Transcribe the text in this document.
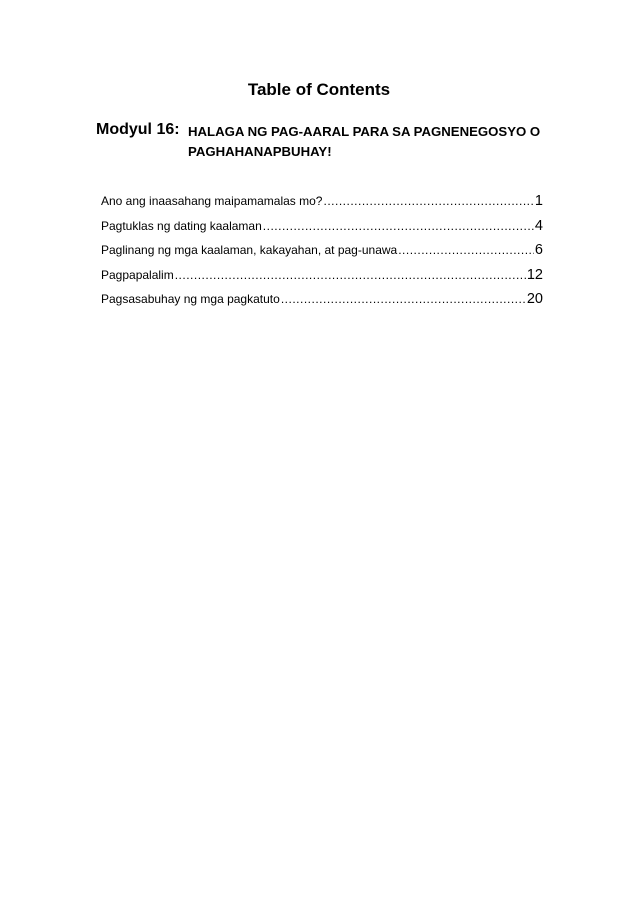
Table of Contents
Modyul 16: HALAGA NG PAG-AARAL PARA SA PAGNENEGOSYO O PAGHAHANAPBUHAY!
Ano ang inaasahang maipamamalas mo? .....	1
Pagtuklas ng dating kaalaman .....	4
Paglinang ng mga kaalaman, kakayahan, at pag-unawa .....	6
Pagpapalalim .....	12
Pagsasabuhay ng mga pagkatuto .....	20
